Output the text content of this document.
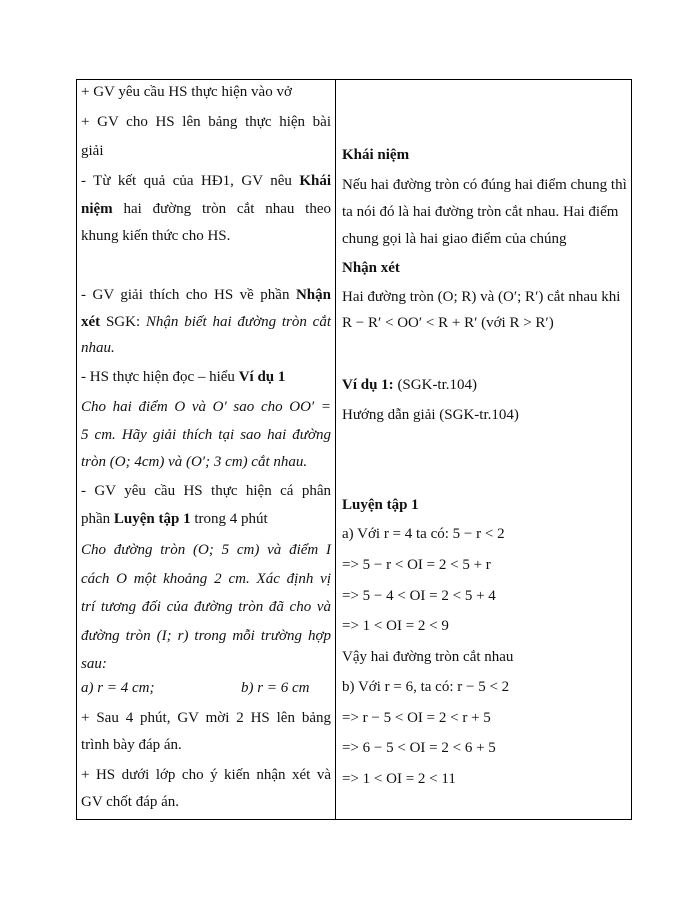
+ GV yêu cầu HS thực hiện vào vở
+ GV cho HS lên bảng thực hiện bài
giải
- Từ kết quả của HĐ1, GV nêu Khái
niệm hai đường tròn cắt nhau theo
khung kiến thức cho HS.
- GV giải thích cho HS về phần Nhận
xét SGK: Nhận biết hai đường tròn cắt
nhau.
- HS thực hiện đọc – hiểu Ví dụ 1
Cho hai điểm O và O′ sao cho OO′ =
5 cm. Hãy giải thích tại sao hai đường
tròn (O; 4cm) và (O′; 3 cm) cắt nhau.
- GV yêu cầu HS thực hiện cá phân
phần Luyện tập 1 trong 4 phút
Cho đường tròn (O; 5 cm) và điểm I
cách O một khoảng 2 cm. Xác định vị
trí tương đối của đường tròn đã cho và
đường tròn (I; r) trong mỗi trường hợp
sau:
a) r = 4 cm;	b) r = 6 cm
+ Sau 4 phút, GV mời 2 HS lên bảng
trình bày đáp án.
+ HS dưới lớp cho ý kiến nhận xét và
GV chốt đáp án.
Khái niệm
Nếu hai đường tròn có đúng hai điểm chung thì
ta nói đó là hai đường tròn cắt nhau. Hai điểm
chung gọi là hai giao điểm của chúng
Nhận xét
Hai đường tròn (O; R) và (O′; R′) cắt nhau khi
R − R′ < OO′ < R + R′ (với R > R′)
Ví dụ 1: (SGK-tr.104)
Hướng dẫn giải (SGK-tr.104)
Luyện tập 1
a) Với r = 4 ta có: 5 − r < 2
=> 5 − r < OI = 2 < 5 + r
=> 5 − 4 < OI = 2 < 5 + 4
=> 1 < OI = 2 < 9
Vậy hai đường tròn cắt nhau
b) Với r = 6, ta có: r − 5 < 2
=> r − 5 < OI = 2 < r + 5
=> 6 − 5 < OI = 2 < 6 + 5
=> 1 < OI = 2 < 11
